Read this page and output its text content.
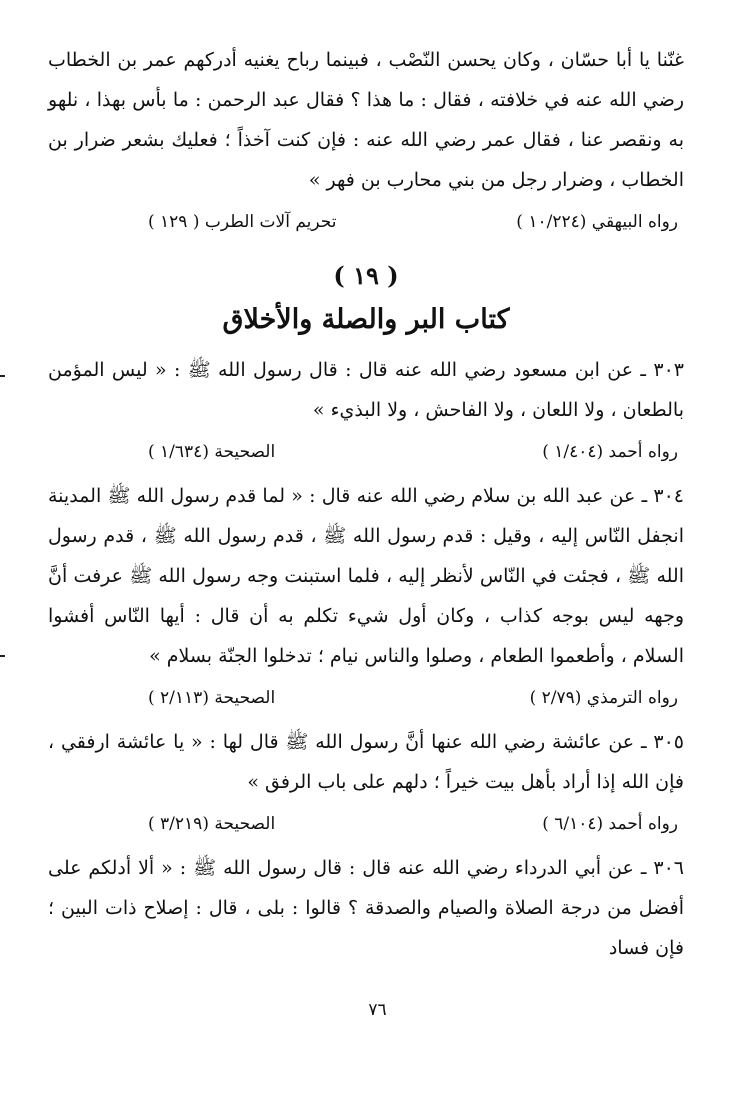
غنّنا يا أبا حسّان ، وكان يحسن النّصْب ، فبينما رباح يغنيه أدركهم عمر بن الخطاب رضي الله عنه في خلافته ، فقال : ما هذا ؟ فقال عبد الرحمن : ما بأس بهذا ، نلهو به ونقصر عنا ، فقال عمر رضي الله عنه : فإن كنت آخذاً ؛ فعليك بشعر ضرار بن الخطاب ، وضرار رجل من بني محارب بن فهر »

رواه البيهقي (١٠/٢٢٤ )
تحريم آلات الطرب ( ١٢٩ )
( ١٩ )
كتاب البر والصلة والأخلاق

٣٠٣ ـ عن ابن مسعود رضي الله عنه قال : قال رسول الله ﷺ : « ليس المؤمن بالطعان ، ولا اللعان ، ولا الفاحش ، ولا البذيء »

رواه أحمد (١/٤٠٤ )
الصحيحة (١/٦٣٤ )

٣٠٤ ـ عن عبد الله بن سلام رضي الله عنه قال : « لما قدم رسول الله ﷺ المدينة انجفل النّاس إليه ، وقيل : قدم رسول الله ﷺ ، قدم رسول الله ﷺ ، قدم رسول الله ﷺ ، فجئت في النّاس لأنظر إليه ، فلما استبنت وجه رسول الله ﷺ عرفت أنَّ وجهه ليس بوجه كذاب ، وكان أول شيء تكلم به أن قال : أيها النّاس أفشوا السلام ، وأطعموا الطعام ، وصلوا والناس نيام ؛ تدخلوا الجنّة بسلام »

رواه الترمذي (٢/٧٩ )
الصحيحة (٢/١١٣ )

٣٠٥ ـ عن عائشة رضي الله عنها أنَّ رسول الله ﷺ قال لها : « يا عائشة ارفقي ، فإن الله إذا أراد بأهل بيت خيراً ؛ دلهم على باب الرفق »

رواه أحمد (٦/١٠٤ )
الصحيحة (٣/٢١٩ )

٣٠٦ ـ عن أبي الدرداء رضي الله عنه قال : قال رسول الله ﷺ : « ألا أدلكم على أفضل من درجة الصلاة والصيام والصدقة ؟ قالوا : بلى ، قال : إصلاح ذات البين ؛ فإن فساد

٧٦
